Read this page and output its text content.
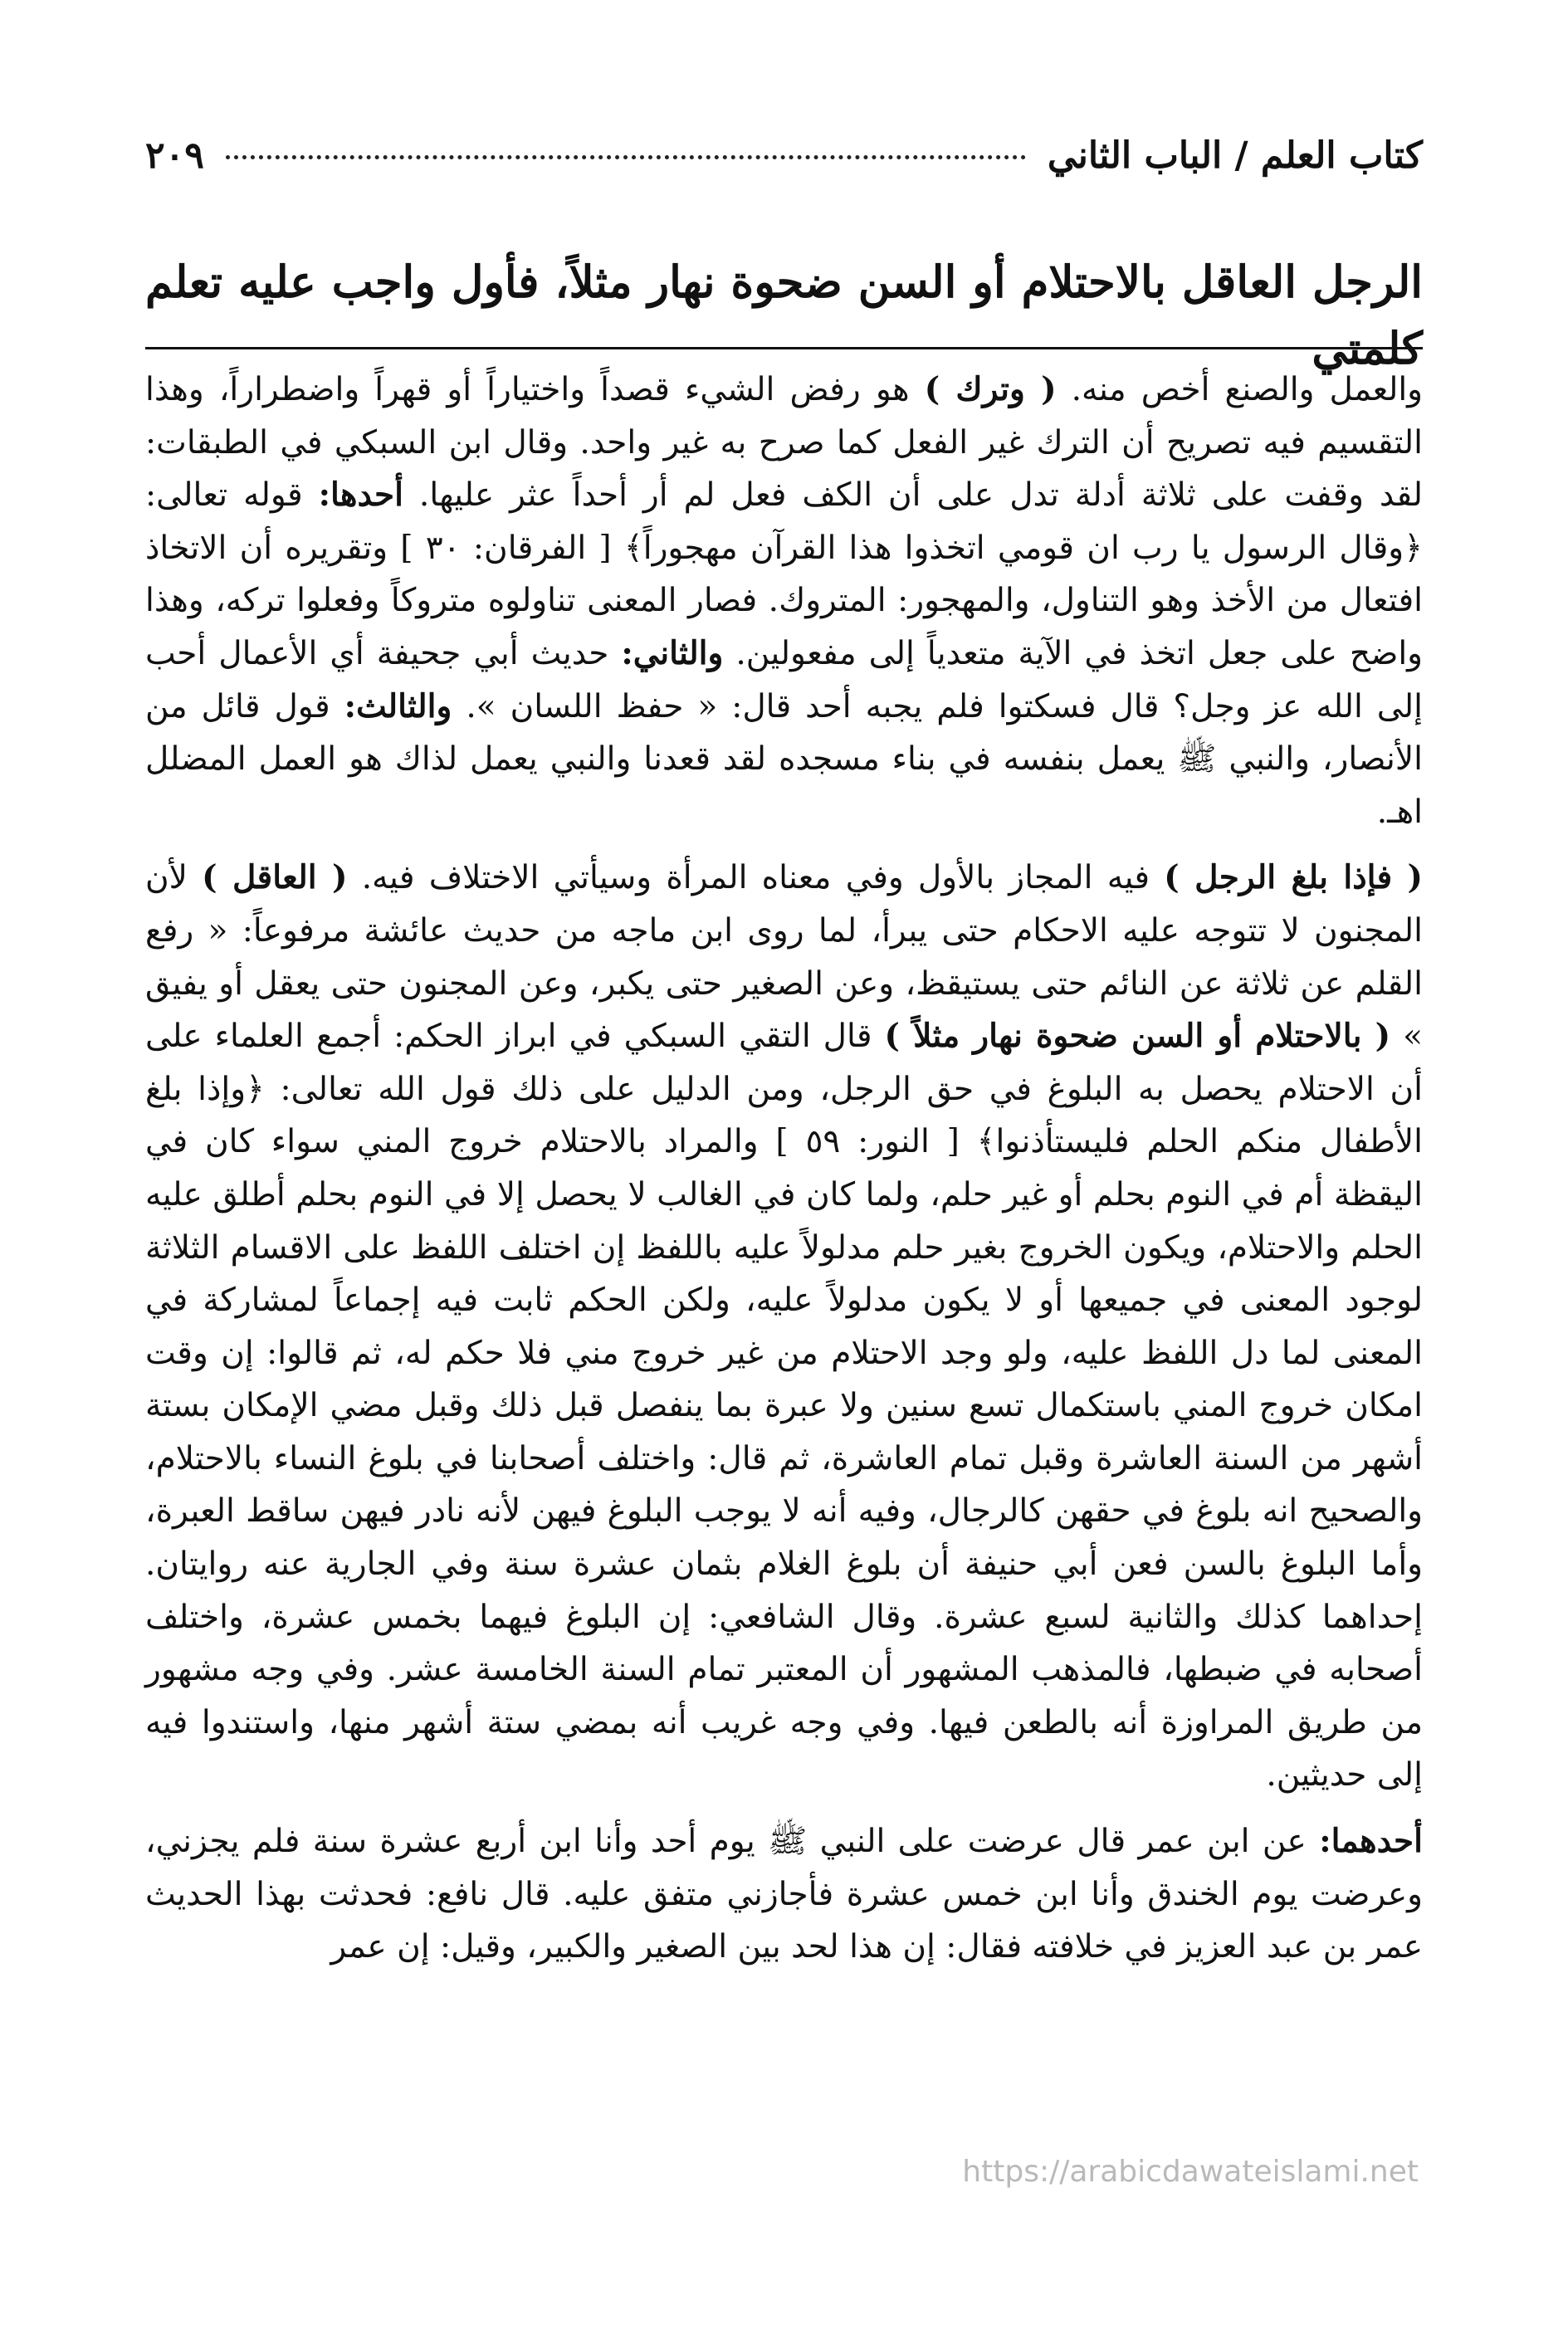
كتاب العلم / الباب الثاني
٢٠٩
الرجل العاقل بالاحتلام أو السن ضحوة نهار مثلاً، فأول واجب عليه تعلم كلمتي

والعمل والصنع أخص منه. ( وترك ) هو رفض الشيء قصداً واختياراً أو قهراً واضطراراً، وهذا التقسيم فيه تصريح أن الترك غير الفعل كما صرح به غير واحد. وقال ابن السبكي في الطبقات: لقد وقفت على ثلاثة أدلة تدل على أن الكف فعل لم أر أحداً عثر عليها. أحدها: قوله تعالى: ﴿وقال الرسول يا رب ان قومي اتخذوا هذا القرآن مهجوراً﴾ [ الفرقان: ٣٠ ] وتقريره أن الاتخاذ افتعال من الأخذ وهو التناول، والمهجور: المتروك. فصار المعنى تناولوه متروكاً وفعلوا تركه، وهذا واضح على جعل اتخذ في الآية متعدياً إلى مفعولين. والثاني: حديث أبي جحيفة أي الأعمال أحب إلى الله عز وجل؟ قال فسكتوا فلم يجبه أحد قال: « حفظ اللسان ». والثالث: قول قائل من الأنصار، والنبي ﷺ يعمل بنفسه في بناء مسجده لقد قعدنا والنبي يعمل لذاك هو العمل المضلل اهـ.

( فإذا بلغ الرجل ) فيه المجاز بالأول وفي معناه المرأة وسيأتي الاختلاف فيه. ( العاقل ) لأن المجنون لا تتوجه عليه الاحكام حتى يبرأ، لما روى ابن ماجه من حديث عائشة مرفوعاً: « رفع القلم عن ثلاثة عن النائم حتى يستيقظ، وعن الصغير حتى يكبر، وعن المجنون حتى يعقل أو يفيق » ( بالاحتلام أو السن ضحوة نهار مثلاً ) قال التقي السبكي في ابراز الحكم: أجمع العلماء على أن الاحتلام يحصل به البلوغ في حق الرجل، ومن الدليل على ذلك قول الله تعالى: ﴿وإذا بلغ الأطفال منكم الحلم فليستأذنوا﴾ [ النور: ٥٩ ] والمراد بالاحتلام خروج المني سواء كان في اليقظة أم في النوم بحلم أو غير حلم، ولما كان في الغالب لا يحصل إلا في النوم بحلم أطلق عليه الحلم والاحتلام، ويكون الخروج بغير حلم مدلولاً عليه باللفظ إن اختلف اللفظ على الاقسام الثلاثة لوجود المعنى في جميعها أو لا يكون مدلولاً عليه، ولكن الحكم ثابت فيه إجماعاً لمشاركة في المعنى لما دل اللفظ عليه، ولو وجد الاحتلام من غير خروج مني فلا حكم له، ثم قالوا: إن وقت امكان خروج المني باستكمال تسع سنين ولا عبرة بما ينفصل قبل ذلك وقبل مضي الإمكان بستة أشهر من السنة العاشرة وقبل تمام العاشرة، ثم قال: واختلف أصحابنا في بلوغ النساء بالاحتلام، والصحيح انه بلوغ في حقهن كالرجال، وفيه أنه لا يوجب البلوغ فيهن لأنه نادر فيهن ساقط العبرة، وأما البلوغ بالسن فعن أبي حنيفة أن بلوغ الغلام بثمان عشرة سنة وفي الجارية عنه روايتان. إحداهما كذلك والثانية لسبع عشرة. وقال الشافعي: إن البلوغ فيهما بخمس عشرة، واختلف أصحابه في ضبطها، فالمذهب المشهور أن المعتبر تمام السنة الخامسة عشر. وفي وجه مشهور من طريق المراوزة أنه بالطعن فيها. وفي وجه غريب أنه بمضي ستة أشهر منها، واستندوا فيه إلى حديثين.

أحدهما: عن ابن عمر قال عرضت على النبي ﷺ يوم أحد وأنا ابن أربع عشرة سنة فلم يجزني، وعرضت يوم الخندق وأنا ابن خمس عشرة فأجازني متفق عليه. قال نافع: فحدثت بهذا الحديث عمر بن عبد العزيز في خلافته فقال: إن هذا لحد بين الصغير والكبير، وقيل: إن عمر

https://arabicdawateislami.net
